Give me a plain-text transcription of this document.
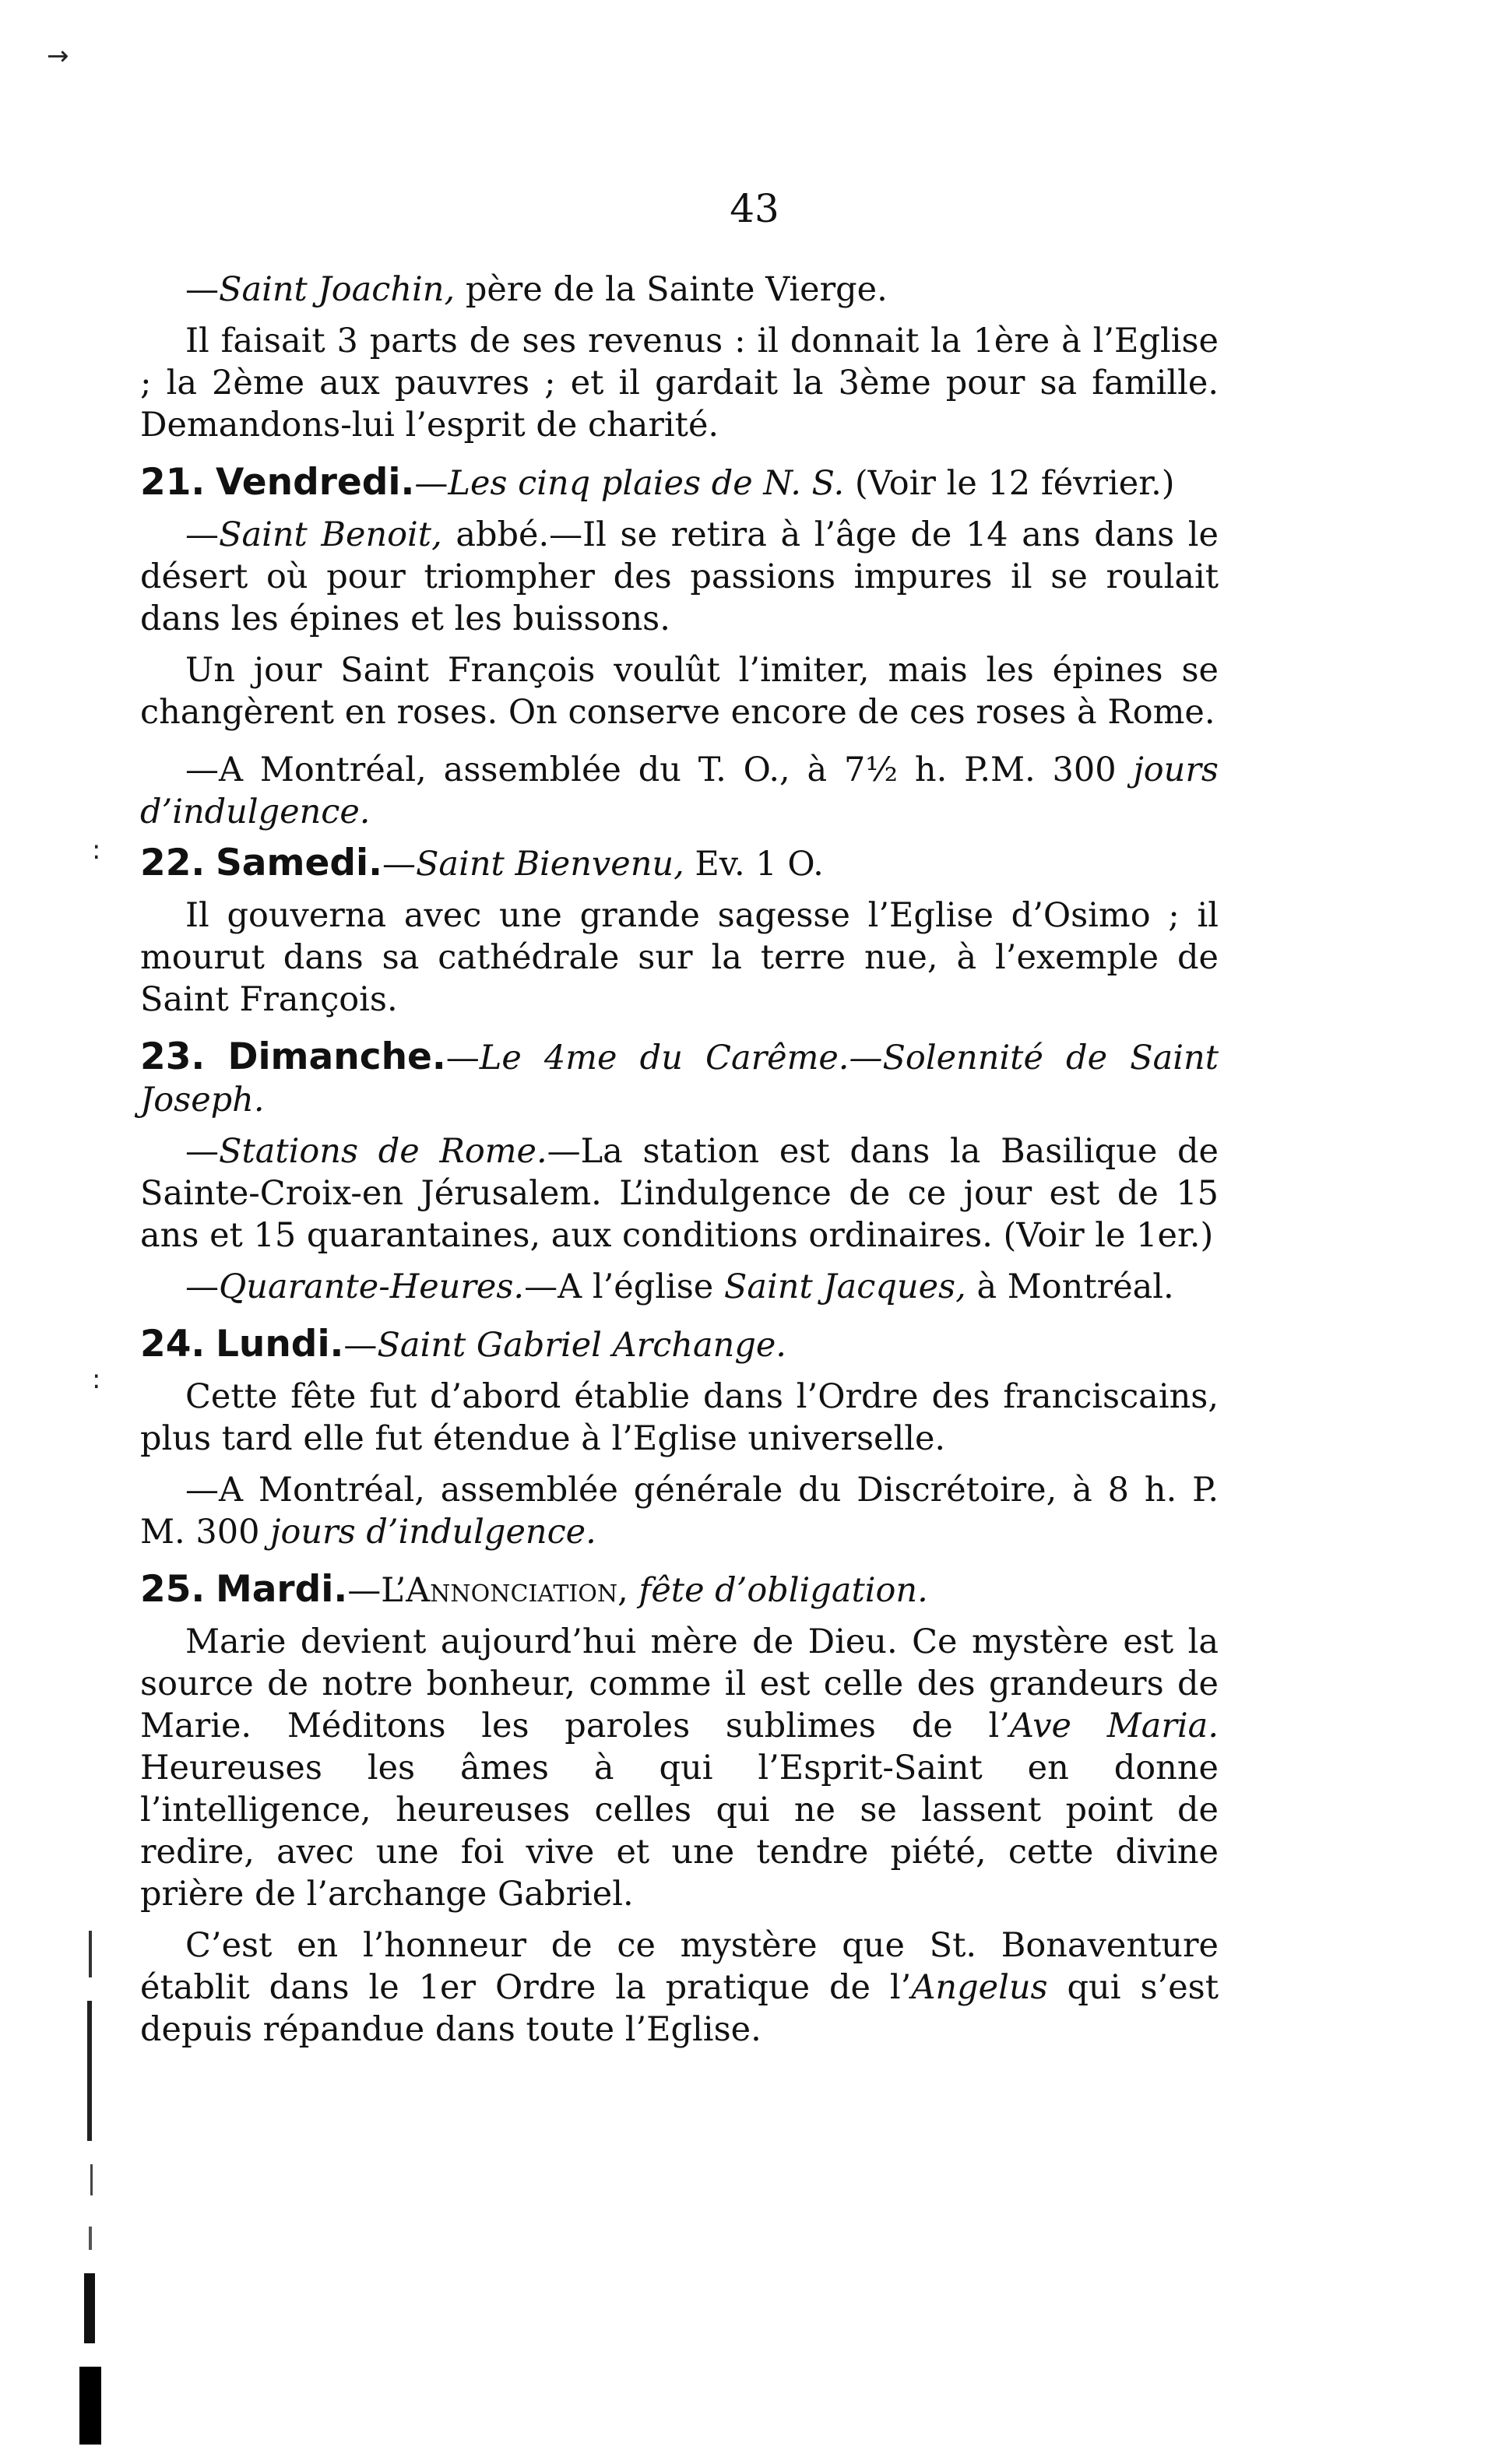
→
:
:
43

—Saint Joachin, père de la Sainte Vierge.

Il faisait 3 parts de ses revenus : il donnait la 1ère à l’Eglise ; la 2ème aux pauvres ; et il gardait la 3ème pour sa famille. Demandons-lui l’esprit de charité.

21. Vendredi.—Les cinq plaies de N. S. (Voir le 12 février.)

—Saint Benoit, abbé.—Il se retira à l’âge de 14 ans dans le désert où pour triompher des passions impures il se roulait dans les épines et les buissons.

Un jour Saint François voulût l’imiter, mais les épines se changèrent en roses. On conserve encore de ces roses à Rome.

—A Montréal, assemblée du T. O., à 7½ h. P.M. 300 jours d’indulgence.

22. Samedi.—Saint Bienvenu, Ev. 1 O.

Il gouverna avec une grande sagesse l’Eglise d’Osimo ; il mourut dans sa cathédrale sur la terre nue, à l’exemple de Saint François.

23. Dimanche.—Le 4me du Carême.—Solennité de Saint Joseph.

—Stations de Rome.—La station est dans la Basilique de Sainte-Croix-en Jérusalem. L’indulgence de ce jour est de 15 ans et 15 quarantaines, aux conditions ordinaires. (Voir le 1er.)

—Quarante-Heures.—A l’église Saint Jacques, à Montréal.

24. Lundi.—Saint Gabriel Archange.

Cette fête fut d’abord établie dans l’Ordre des franciscains, plus tard elle fut étendue à l’Eglise universelle.

—A Montréal, assemblée générale du Discrétoire, à 8 h. P. M. 300 jours d’indulgence.

25. Mardi.—L’Annonciation, fête d’obligation.

Marie devient aujourd’hui mère de Dieu. Ce mystère est la source de notre bonheur, comme il est celle des grandeurs de Marie. Méditons les paroles sublimes de l’Ave Maria. Heureuses les âmes à qui l’Esprit-Saint en donne l’intelligence, heureuses celles qui ne se lassent point de redire, avec une foi vive et une tendre piété, cette divine prière de l’archange Gabriel.

C’est en l’honneur de ce mystère que St. Bonaventure établit dans le 1er Ordre la pratique de l’Angelus qui s’est depuis répandue dans toute l’Eglise.
